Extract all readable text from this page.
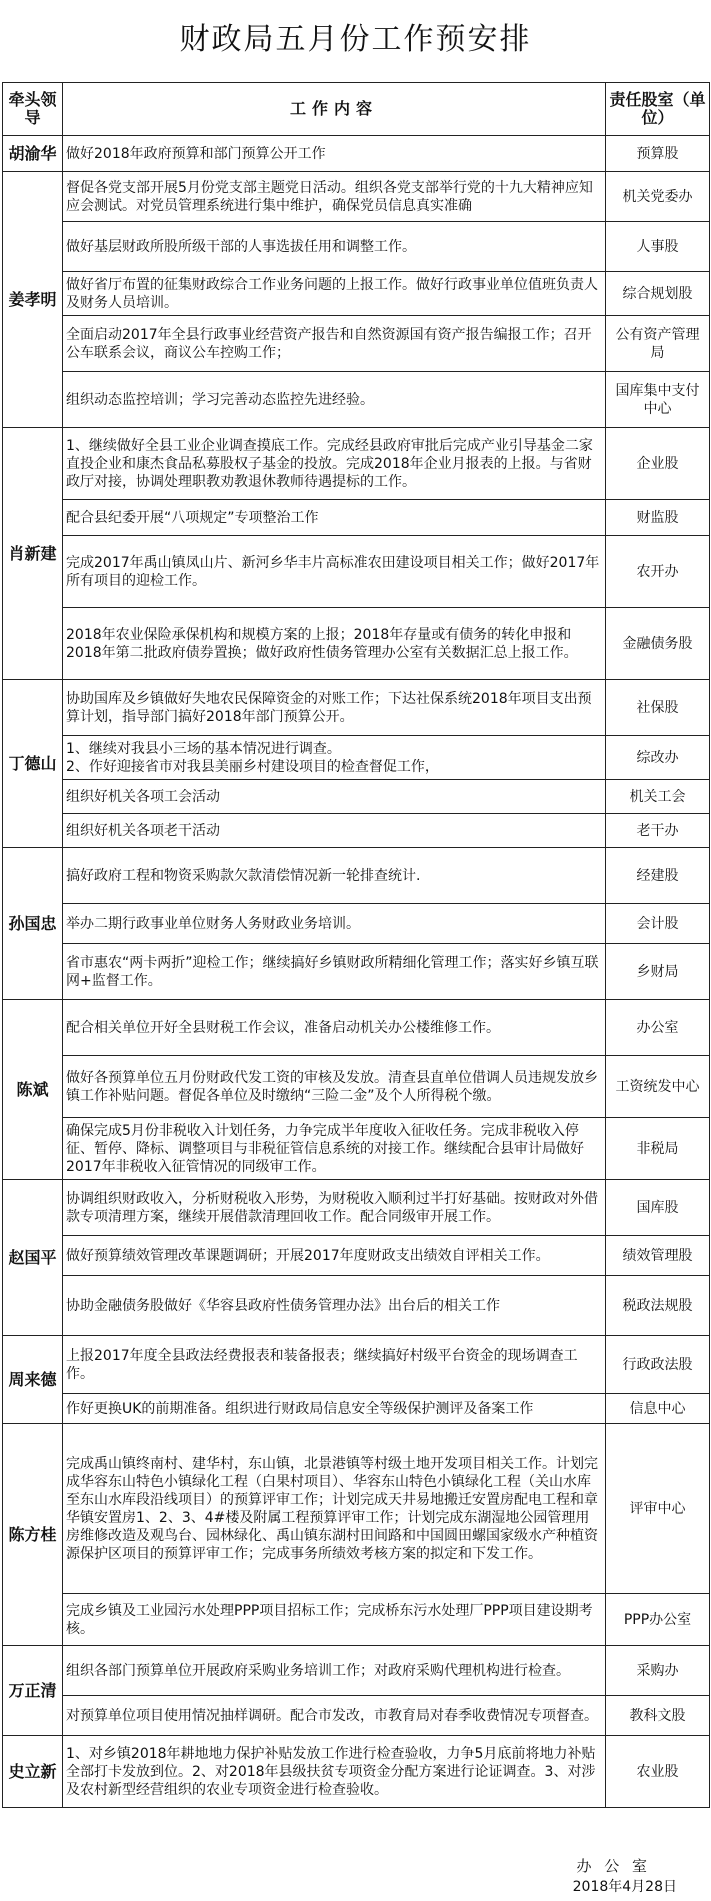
财政局五月份工作预安排
牵头领导	工作内容	责任股室（单位）
胡渝华	做好2018年政府预算和部门预算公开工作	预算股
姜孝明	督促各党支部开展5月份党支部主题党日活动。组织各党支部举行党的十九大精神应知应会测试。对党员管理系统进行集中维护，确保党员信息真实准确	机关党委办
	做好基层财政所股所级干部的人事选拔任用和调整工作。	人事股
	做好省厅布置的征集财政综合工作业务问题的上报工作。做好行政事业单位值班负责人及财务人员培训。	综合规划股
	全面启动2017年全县行政事业经营资产报告和自然资源国有资产报告编报工作；召开公车联系会议，商议公车控购工作；	公有资产管理局
	组织动态监控培训；学习完善动态监控先进经验。	国库集中支付中心
肖新建	1、继续做好全县工业企业调查摸底工作。完成经县政府审批后完成产业引导基金二家直投企业和康杰食品私募股权子基金的投放。完成2018年企业月报表的上报。与省财政厅对接，协调处理职教劝教退休教师待遇提标的工作。	企业股
	配合县纪委开展“八项规定”专项整治工作	财监股
	完成2017年禹山镇凤山片、新河乡华丰片高标准农田建设项目相关工作；做好2017年所有项目的迎检工作。	农开办
	2018年农业保险承保机构和规模方案的上报；2018年存量或有债务的转化申报和2018年第二批政府债券置换；做好政府性债务管理办公室有关数据汇总上报工作。	金融债务股
丁德山	协助国库及乡镇做好失地农民保障资金的对账工作；下达社保系统2018年项目支出预算计划，指导部门搞好2018年部门预算公开。	社保股
	1、继续对我县小三场的基本情况进行调查。
2、作好迎接省市对我县美丽乡村建设项目的检查督促工作，	综改办
	组织好机关各项工会活动	机关工会
	组织好机关各项老干活动	老干办
孙国忠	搞好政府工程和物资采购款欠款清偿情况新一轮排查统计.	经建股
	举办二期行政事业单位财务人务财政业务培训。	会计股
	省市惠农“两卡两折”迎检工作；继续搞好乡镇财政所精细化管理工作；落实好乡镇互联网+监督工作。	乡财局
陈斌	配合相关单位开好全县财税工作会议，准备启动机关办公楼维修工作。	办公室
	做好各预算单位五月份财政代发工资的审核及发放。清查县直单位借调人员违规发放乡镇工作补贴问题。督促各单位及时缴纳“三险二金”及个人所得税个缴。	工资统发中心
	确保完成5月份非税收入计划任务，力争完成半年度收入征收任务。完成非税收入停征、暂停、降标、调整项目与非税征管信息系统的对接工作。继续配合县审计局做好2017年非税收入征管情况的同级审工作。	非税局
赵国平	协调组织财政收入，分析财税收入形势，为财税收入顺利过半打好基础。按财政对外借款专项清理方案，继续开展借款清理回收工作。配合同级审开展工作。	国库股
	做好预算绩效管理改革课题调研；开展2017年度财政支出绩效自评相关工作。	绩效管理股
	协助金融债务股做好《华容县政府性债务管理办法》出台后的相关工作	税政法规股
周来德	上报2017年度全县政法经费报表和装备报表；继续搞好村级平台资金的现场调查工作。	行政政法股
	作好更换UK的前期准备。组织进行财政局信息安全等级保护测评及备案工作	信息中心
陈方桂	完成禹山镇终南村、建华村，东山镇，北景港镇等村级土地开发项目相关工作。计划完成华容东山特色小镇绿化工程（白果村项目）、华容东山特色小镇绿化工程（关山水库至东山水库段沿线项目）的预算评审工作；计划完成天井易地搬迁安置房配电工程和章华镇安置房1、2、3、4#楼及附属工程预算评审工作；计划完成东湖湿地公园管理用房维修改造及观鸟台、园林绿化、禹山镇东湖村田间路和中国圆田螺国家级水产种植资源保护区项目的预算评审工作；完成事务所绩效考核方案的拟定和下发工作。	评审中心
	完成乡镇及工业园污水处理PPP项目招标工作；完成桥东污水处理厂PPP项目建设期考核。	PPP办公室
万正清	组织各部门预算单位开展政府采购业务培训工作；对政府采购代理机构进行检查。	采购办
	对预算单位项目使用情况抽样调研。配合市发改，市教育局对春季收费情况专项督查。	教科文股
史立新	1、对乡镇2018年耕地地力保护补贴发放工作进行检查验收，力争5月底前将地力补贴全部打卡发放到位。2、对2018年县级扶贫专项资金分配方案进行论证调查。3、对涉及农村新型经营组织的农业专项资金进行检查验收。	农业股
办 公 室
2018年4月28日
